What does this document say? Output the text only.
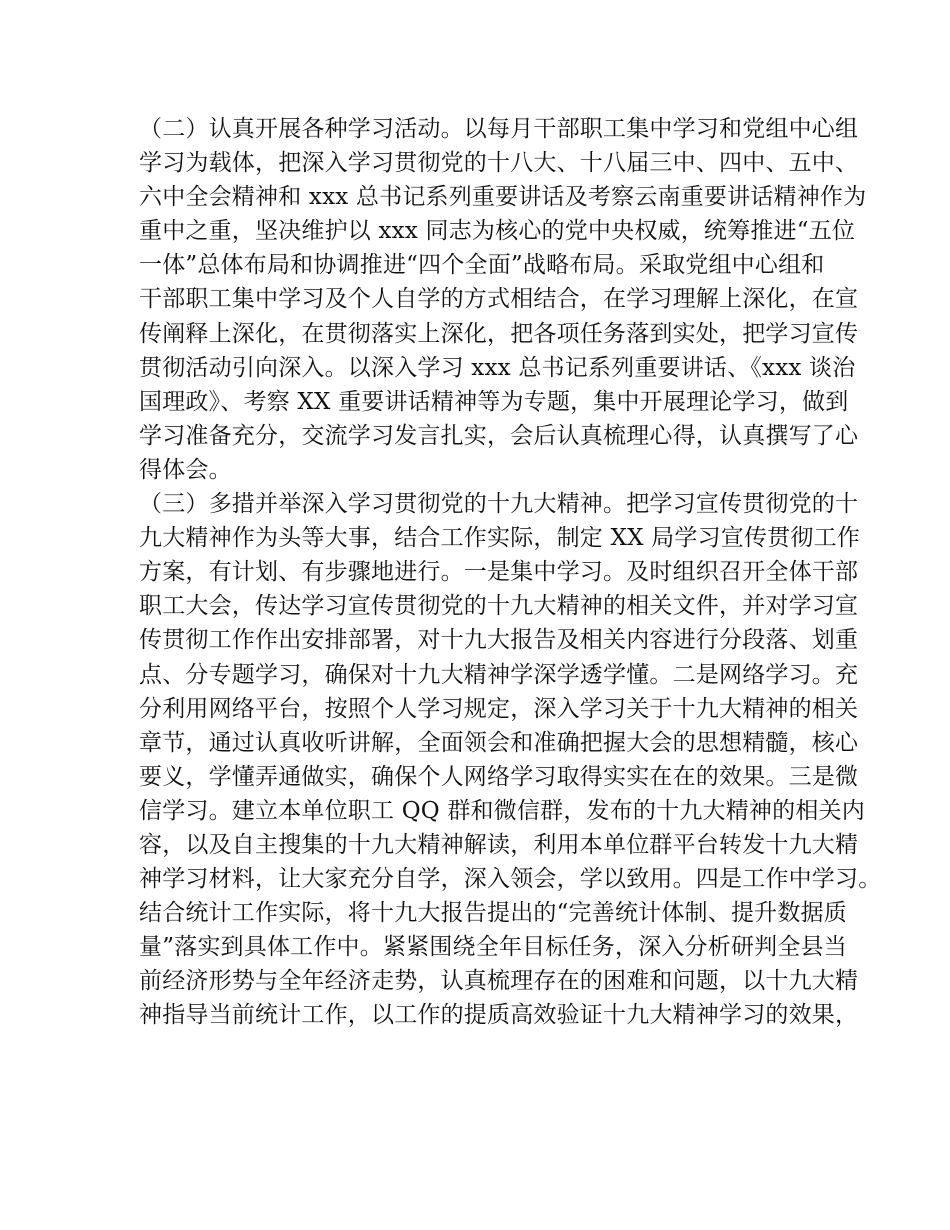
（二）认真开展各种学习活动。以每月干部职工集中学习和党组中心组
学习为载体，把深入学习贯彻党的十八大、十八届三中、四中、五中、
六中全会精神和 xxx 总书记系列重要讲话及考察云南重要讲话精神作为
重中之重，坚决维护以 xxx 同志为核心的党中央权威，统筹推进“五位
一体”总体布局和协调推进“四个全面”战略布局。采取党组中心组和
干部职工集中学习及个人自学的方式相结合，在学习理解上深化，在宣
传阐释上深化，在贯彻落实上深化，把各项任务落到实处，把学习宣传
贯彻活动引向深入。以深入学习 xxx 总书记系列重要讲话、《xxx 谈治
国理政》、考察 XX 重要讲话精神等为专题，集中开展理论学习，做到
学习准备充分，交流学习发言扎实，会后认真梳理心得，认真撰写了心
得体会。
（三）多措并举深入学习贯彻党的十九大精神。把学习宣传贯彻党的十
九大精神作为头等大事，结合工作实际，制定 XX 局学习宣传贯彻工作
方案，有计划、有步骤地进行。一是集中学习。及时组织召开全体干部
职工大会，传达学习宣传贯彻党的十九大精神的相关文件，并对学习宣
传贯彻工作作出安排部署，对十九大报告及相关内容进行分段落、划重
点、分专题学习，确保对十九大精神学深学透学懂。二是网络学习。充
分利用网络平台，按照个人学习规定，深入学习关于十九大精神的相关
章节，通过认真收听讲解，全面领会和准确把握大会的思想精髓，核心
要义，学懂弄通做实，确保个人网络学习取得实实在在的效果。三是微
信学习。建立本单位职工 QQ 群和微信群，发布的十九大精神的相关内
容，以及自主搜集的十九大精神解读，利用本单位群平台转发十九大精
神学习材料，让大家充分自学，深入领会，学以致用。四是工作中学习。
结合统计工作实际，将十九大报告提出的“完善统计体制、提升数据质
量”落实到具体工作中。紧紧围绕全年目标任务，深入分析研判全县当
前经济形势与全年经济走势，认真梳理存在的困难和问题，以十九大精
神指导当前统计工作，以工作的提质高效验证十九大精神学习的效果，
